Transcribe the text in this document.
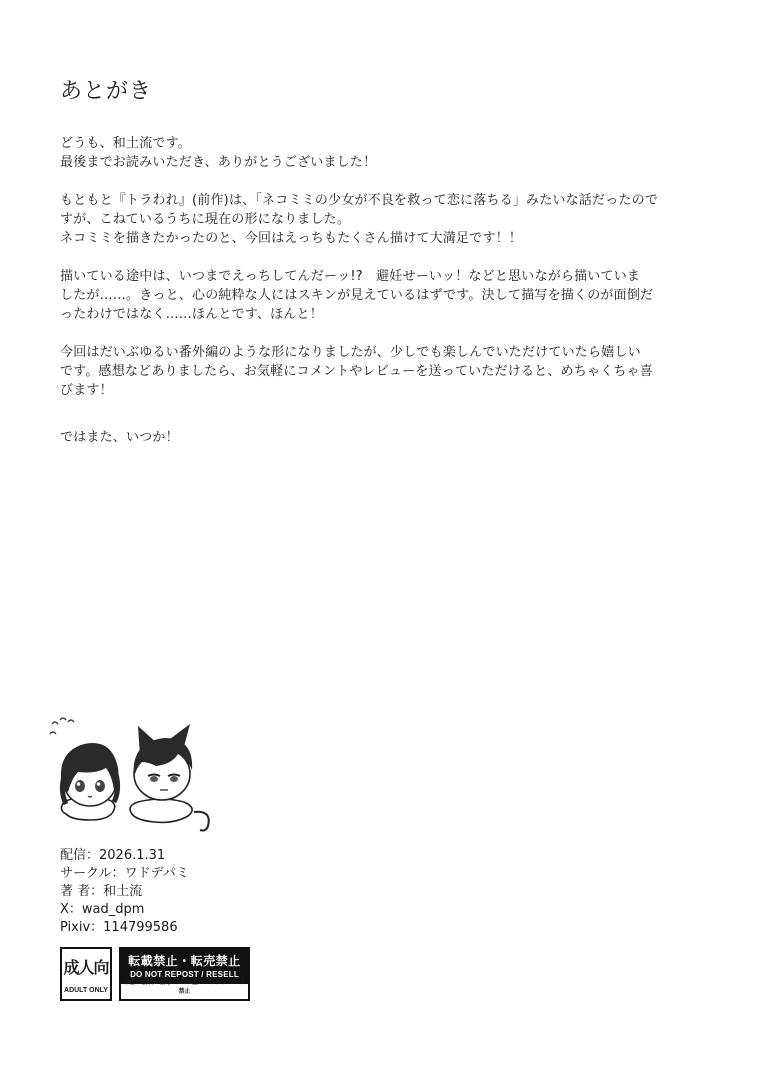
あとがき

どうも、和土流です。
最後までお読みいただき、ありがとうございました！

もともと『トラわれ』(前作)は、「ネコミミの少女が不良を救って恋に落ちる」みたいな話だったので
すが、こねているうちに現在の形になりました。
ネコミミを描きたかったのと、今回はえっちもたくさん描けて大満足です！！

描いている途中は、いつまでえっちしてんだーッ!?　避妊せーいッ！などと思いながら描いていま
したが……。きっと、心の純粋な人にはスキンが見えているはずです。決して描写を描くのが面倒だ
ったわけではなく……ほんとです、ほんと！

今回はだいぶゆるい番外編のような形になりましたが、少しでも楽しんでいただけていたら嬉しい
です。感想などありましたら、お気軽にコメントやレビューを送っていただけると、めちゃくちゃ喜
びます！

ではまた、いつか！

配信：2026.1.31
サークル：ワドデパミ
著 者：和土流
X：wad_dpm
Pixiv：114799586
成人向
ADULT ONLY
転載禁止・転売禁止
DO NOT REPOST / RESELL
本書の複製・複写・Web上へのアップロード禁止
